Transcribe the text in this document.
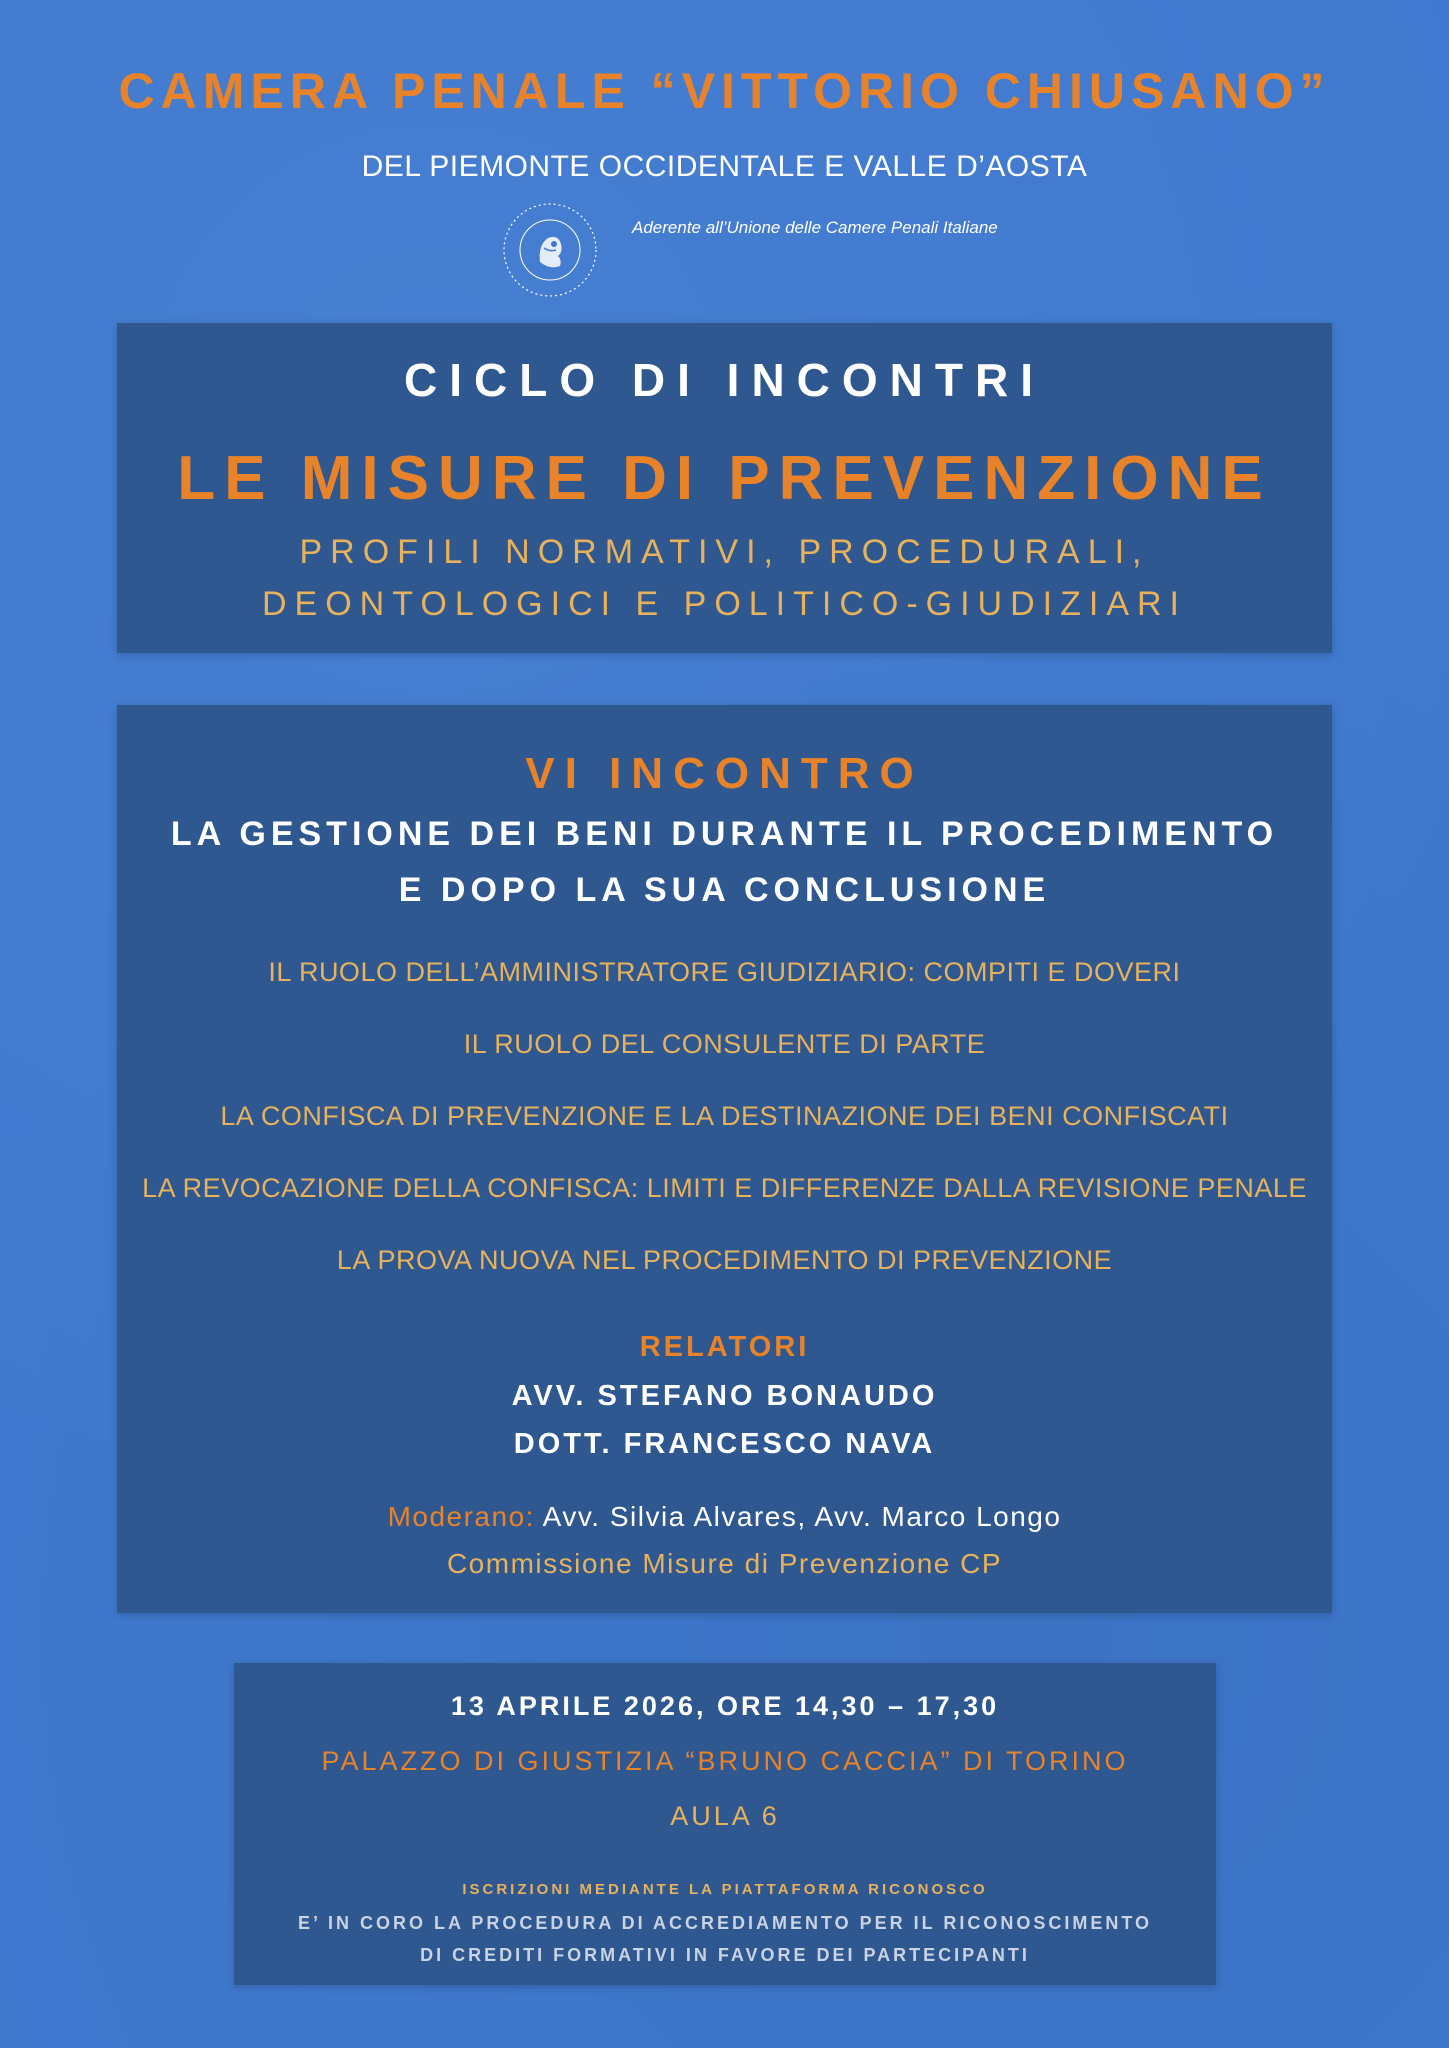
CAMERA PENALE “VITTORIO CHIUSANO”
DEL PIEMONTE OCCIDENTALE E VALLE D’AOSTA
Aderente all’Unione delle Camere Penali Italiane
CICLO DI INCONTRI
LE MISURE DI PREVENZIONE
PROFILI NORMATIVI, PROCEDURALI,
DEONTOLOGICI E POLITICO-GIUDIZIARI
VI INCONTRO
LA GESTIONE DEI BENI DURANTE IL PROCEDIMENTO
E DOPO LA SUA CONCLUSIONE
IL RUOLO DELL’AMMINISTRATORE GIUDIZIARIO: COMPITI E DOVERI
IL RUOLO DEL CONSULENTE DI PARTE
LA CONFISCA DI PREVENZIONE E LA DESTINAZIONE DEI BENI CONFISCATI
LA REVOCAZIONE DELLA CONFISCA: LIMITI E DIFFERENZE DALLA REVISIONE PENALE
LA PROVA NUOVA NEL PROCEDIMENTO DI PREVENZIONE
RELATORI
AVV. STEFANO BONAUDO
DOTT. FRANCESCO NAVA
Moderano: Avv. Silvia Alvares, Avv. Marco Longo
Commissione Misure di Prevenzione CP
13 APRILE 2026, ORE 14,30 – 17,30
PALAZZO DI GIUSTIZIA “BRUNO CACCIA” DI TORINO
AULA 6
ISCRIZIONI MEDIANTE LA PIATTAFORMA RICONOSCO
E’ IN CORO LA PROCEDURA DI ACCREDIAMENTO PER IL RICONOSCIMENTO
DI CREDITI FORMATIVI IN FAVORE DEI PARTECIPANTI
